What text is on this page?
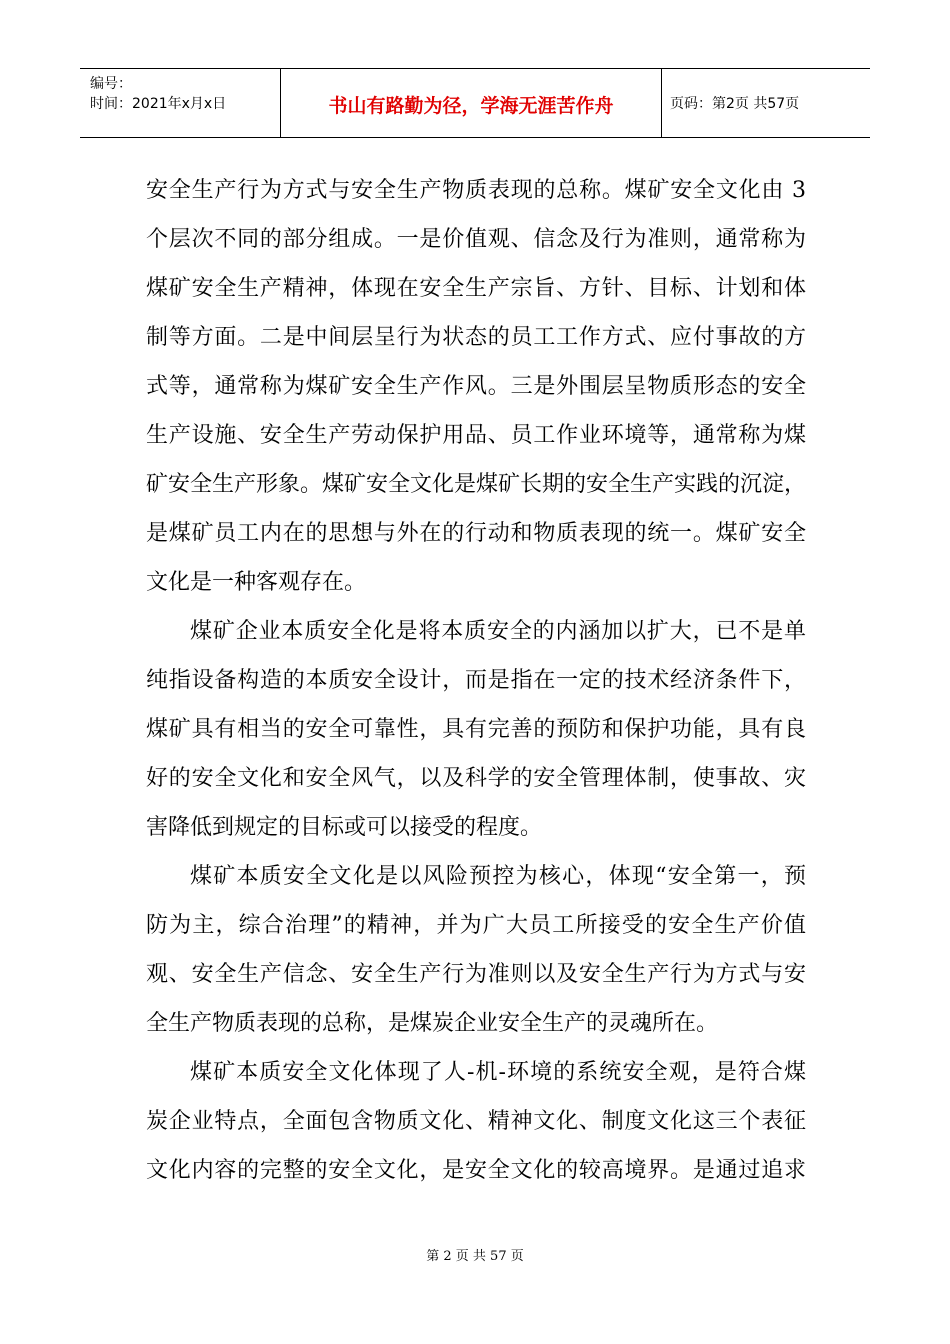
编号：
时间：2021年x月x日	书山有路勤为径，学海无涯苦作舟	页码：第2页 共57页
安全生产行为方式与安全生产物质表现的总称。煤矿安全文化由 3
个层次不同的部分组成。一是价值观、信念及行为准则，通常称为
煤矿安全生产精神，体现在安全生产宗旨、方针、目标、计划和体
制等方面。二是中间层呈行为状态的员工工作方式、应付事故的方
式等，通常称为煤矿安全生产作风。三是外围层呈物质形态的安全
生产设施、安全生产劳动保护用品、员工作业环境等，通常称为煤
矿安全生产形象。煤矿安全文化是煤矿长期的安全生产实践的沉淀，
是煤矿员工内在的思想与外在的行动和物质表现的统一。煤矿安全
文化是一种客观存在。
煤矿企业本质安全化是将本质安全的内涵加以扩大，已不是单
纯指设备构造的本质安全设计，而是指在一定的技术经济条件下，
煤矿具有相当的安全可靠性，具有完善的预防和保护功能，具有良
好的安全文化和安全风气，以及科学的安全管理体制，使事故、灾
害降低到规定的目标或可以接受的程度。
煤矿本质安全文化是以风险预控为核心，体现“安全第一，预
防为主，综合治理”的精神，并为广大员工所接受的安全生产价值
观、安全生产信念、安全生产行为准则以及安全生产行为方式与安
全生产物质表现的总称，是煤炭企业安全生产的灵魂所在。
煤矿本质安全文化体现了人-机-环境的系统安全观，是符合煤
炭企业特点，全面包含物质文化、精神文化、制度文化这三个表征
文化内容的完整的安全文化，是安全文化的较高境界。是通过追求
第 2 页 共 57 页
